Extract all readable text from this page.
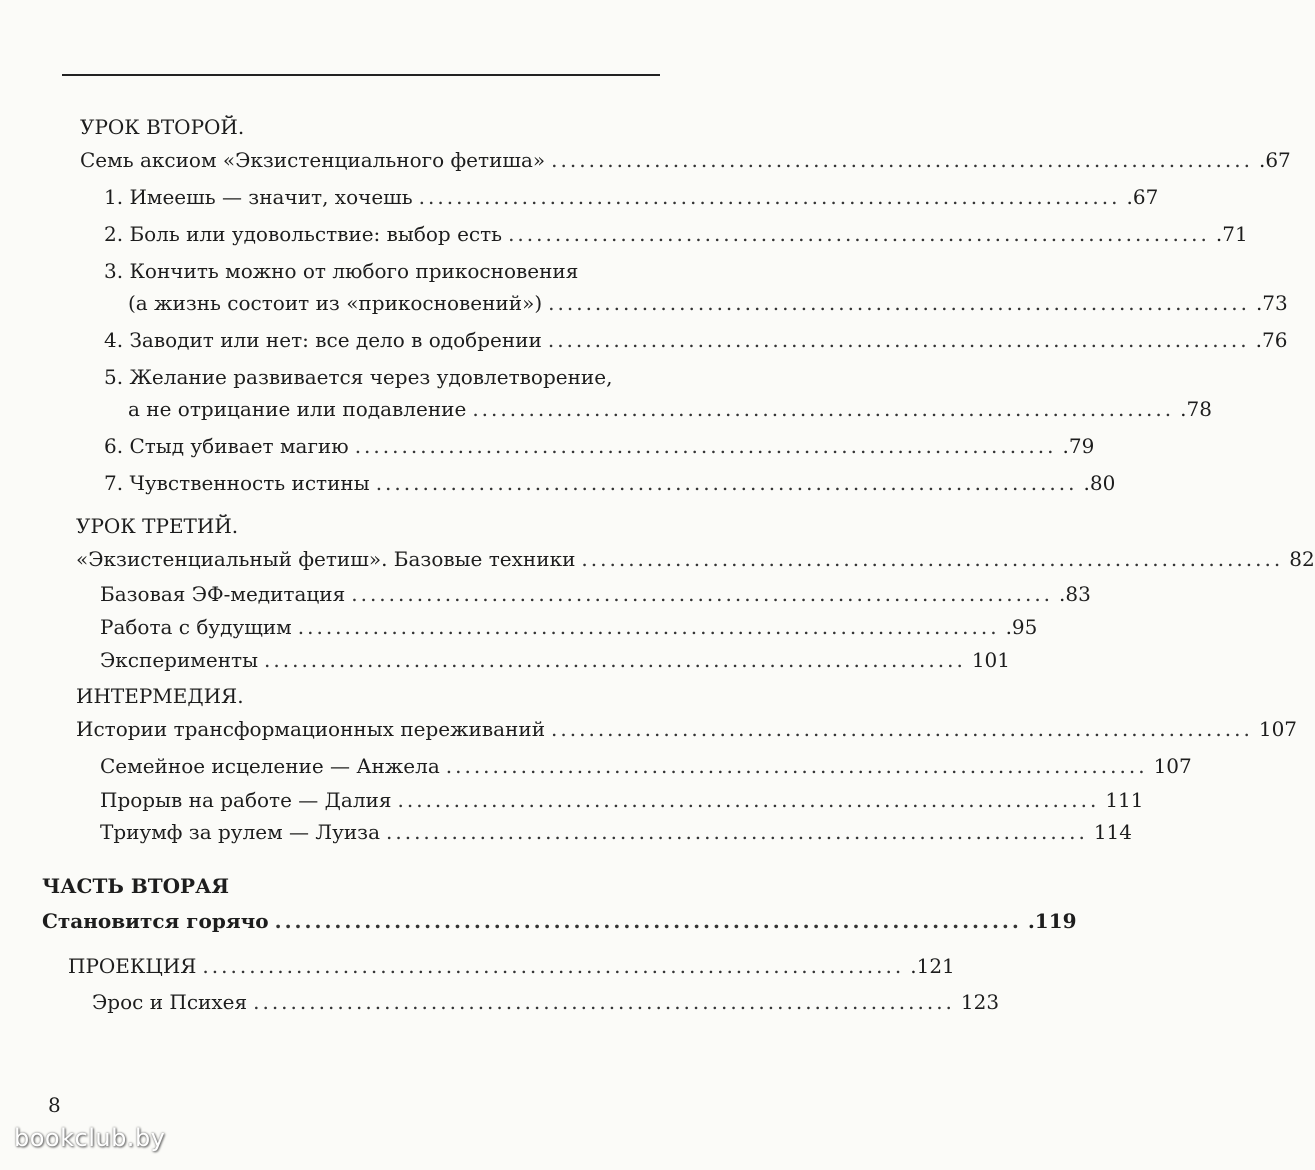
УРОК ВТОРОЙ.
Семь аксиом «Экзистенциального фетиша» ........................................................................... .67
1. Имеешь — значит, хочешь ........................................................................... .67
2. Боль или удовольствие: выбор есть ........................................................................... .71
3. Кончить можно от любого прикосновения
(а жизнь состоит из «прикосновений») ........................................................................... .73
4. Заводит или нет: все дело в одобрении ........................................................................... .76
5. Желание развивается через удовлетворение,
а не отрицание или подавление ........................................................................... .78
6. Стыд убивает магию ........................................................................... .79
7. Чувственность истины ........................................................................... .80
УРОК ТРЕТИЙ.
«Экзистенциальный фетиш». Базовые техники ........................................................................... 82
Базовая ЭФ-медитация ........................................................................... .83
Работа с будущим ........................................................................... .95
Эксперименты ........................................................................... 101
ИНТЕРМЕДИЯ.
Истории трансформационных переживаний ........................................................................... 107
Семейное исцеление — Анжела ........................................................................... 107
Прорыв на работе — Далия ........................................................................... 111
Триумф за рулем — Луиза ........................................................................... 114
ЧАСТЬ ВТОРАЯ
Становится горячо ........................................................................... .119
ПРОЕКЦИЯ ........................................................................... .121
Эрос и Психея ........................................................................... 123
8
bookclub.by
